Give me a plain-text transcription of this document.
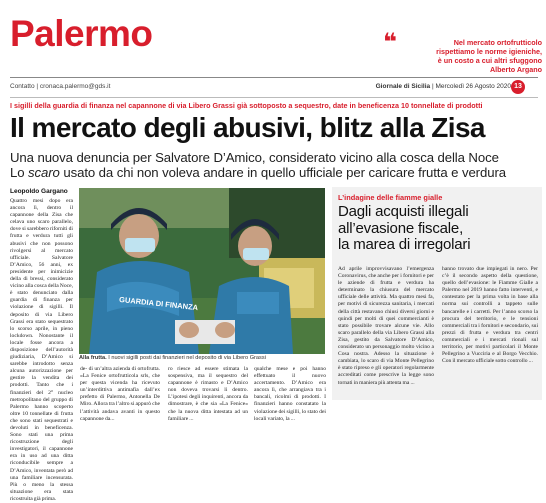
Palermo	❝	Nel mercato ortofrutticolo
rispettiamo le norme igieniche,
è un costo a cui altri sfuggono
Alberto Argano
Contatto | cronaca.palermo@gds.it	Giornale di Sicilia | Mercoledì 26 Agosto 2020 13
I sigilli della guardia di finanza nel capannone di via Libero Grassi già sottoposto a sequestro, date in beneficenza 10 tonnellate di prodotti
Il mercato degli abusivi, blitz alla Zisa
Una nuova denuncia per Salvatore D’Amico, considerato vicino alla cosca della Noce
Lo scaro usato da chi non voleva andare in quello ufficiale per caricare frutta e verdura
Leopoldo Gargano
Quattro mesi dopo era ancora lì, dentro il capannone della Zisa che celava uno scaro parallelo, dove si sarebbero riforniti di frutta e verdura tutti gli abusivi che non possono rivolgersi al mercato ufficiale. Salvatore D’Amico, 56 anni, ex presidente per inimicizie della di bressi, considerato vicino alla cosca della Noce, è stato denunciato dalla guardia di finanza per violazione di sigilli. Il deposito di via Libero Grassi era stato sequestrato lo scorso aprile, in pieno lockdown. Nonostante il locale fosse ancora a disposizione dell’autorità giudiziaria, D’Amico si sarebbe introdotto senza alcuna autorizzazione per gestire la vendita dei prodotti. Tanto che i finanzieri del 2° nucleo metropolitano del gruppo di Palermo hanno scoperto oltre 10 tonnellate di frutta che sono stati sequestrati e devoluti in beneficenza. Sono stati una prima ricostruzione degli investigatori, il capannone era in uso ad una ditta riconducibile sempre a D’Amico, inventata però ad una familiare incensurata. Più o meno la stessa situazione era stata ricostruita già prima.
GUARDIA DI FINANZA
Alla frutta. I nuovi sigilli posti dai finanzieri nel deposito di via Libero Grassi
de- di un’altra azienda di ortofrutta. «La Fenice ortofrutticola srls, che per questa vicenda ha ricevuto un’interdittiva antimafia dall’ex prefetto di Palermo, Antonella De Miro. Allora tra l’altro si appurò che l’attività andava avanti in questo capannone da...
ro riesce ad essere stimata la sospensiva, ma il sequestro del capannone è rimasto e D’Amico non doveva trovarsi lì dentro. L’ipotesi degli inquirenti, ancora da dimostrare, è che sia «La Fenice» che la nuova ditta intestata ad un familiare ...
qualche mese e poi hanno effettuato il nuovo accertamento. D’Amico era ancora lì, che arrangiava tra i bancali, ricolmi di prodotti. I finanzieri hanno constatato la violazione dei sigilli, lo stato dei locali variato, la ...
L’indagine delle fiamme gialle
Dagli acquisti illegali
all’evasione fiscale,
la marea di irregolari
Ad aprile improvvisavano l’emergenza Coronavirus, che anche per i fornitori e per le aziende di frutta e verdura ha determinato la chiusura del mercato ufficiale delle attività. Ma quattro mesi fa, per motivi di sicurezza sanitaria, i mercati della città restavano chiusi diversi giorni e quindi per molti di quei commercianti è stato possibile trovare alcune vie. Allo scaro parallelo della via Libero Grassi alla Zisa, gestito da Salvatore D’Amico, considerato un personaggio molto vicino a Cosa nostra. Adesso la situazione è cambiata, lo scaro di via Monte Pellegrino è stato ripreso e gli operatori regolarmente accreditati come prescrive la legge sono tornati in maniera più attenta ma ...
hanno trovato due impiegati in nero. Per c’è il secondo aspetto della questione, quello dell’evasione: le Fiamme Gialle a Palermo nel 2019 hanno fatto interventi, e contestato per la prima volta in base alla norma sui controlli a tappeto sulle bancarelle e i carretti. Per l’anno scorso la procura del territorio, e le tensioni commerciali tra i fornitori e secondario, sui prezzi di frutta e verdura tra centri commerciali e i mercati rionali sul territorio, per motivi particolari il Monte Pellegrino a Vucciria e al Borgo Vecchio. Con il mercato ufficiale sotto controllo ...
